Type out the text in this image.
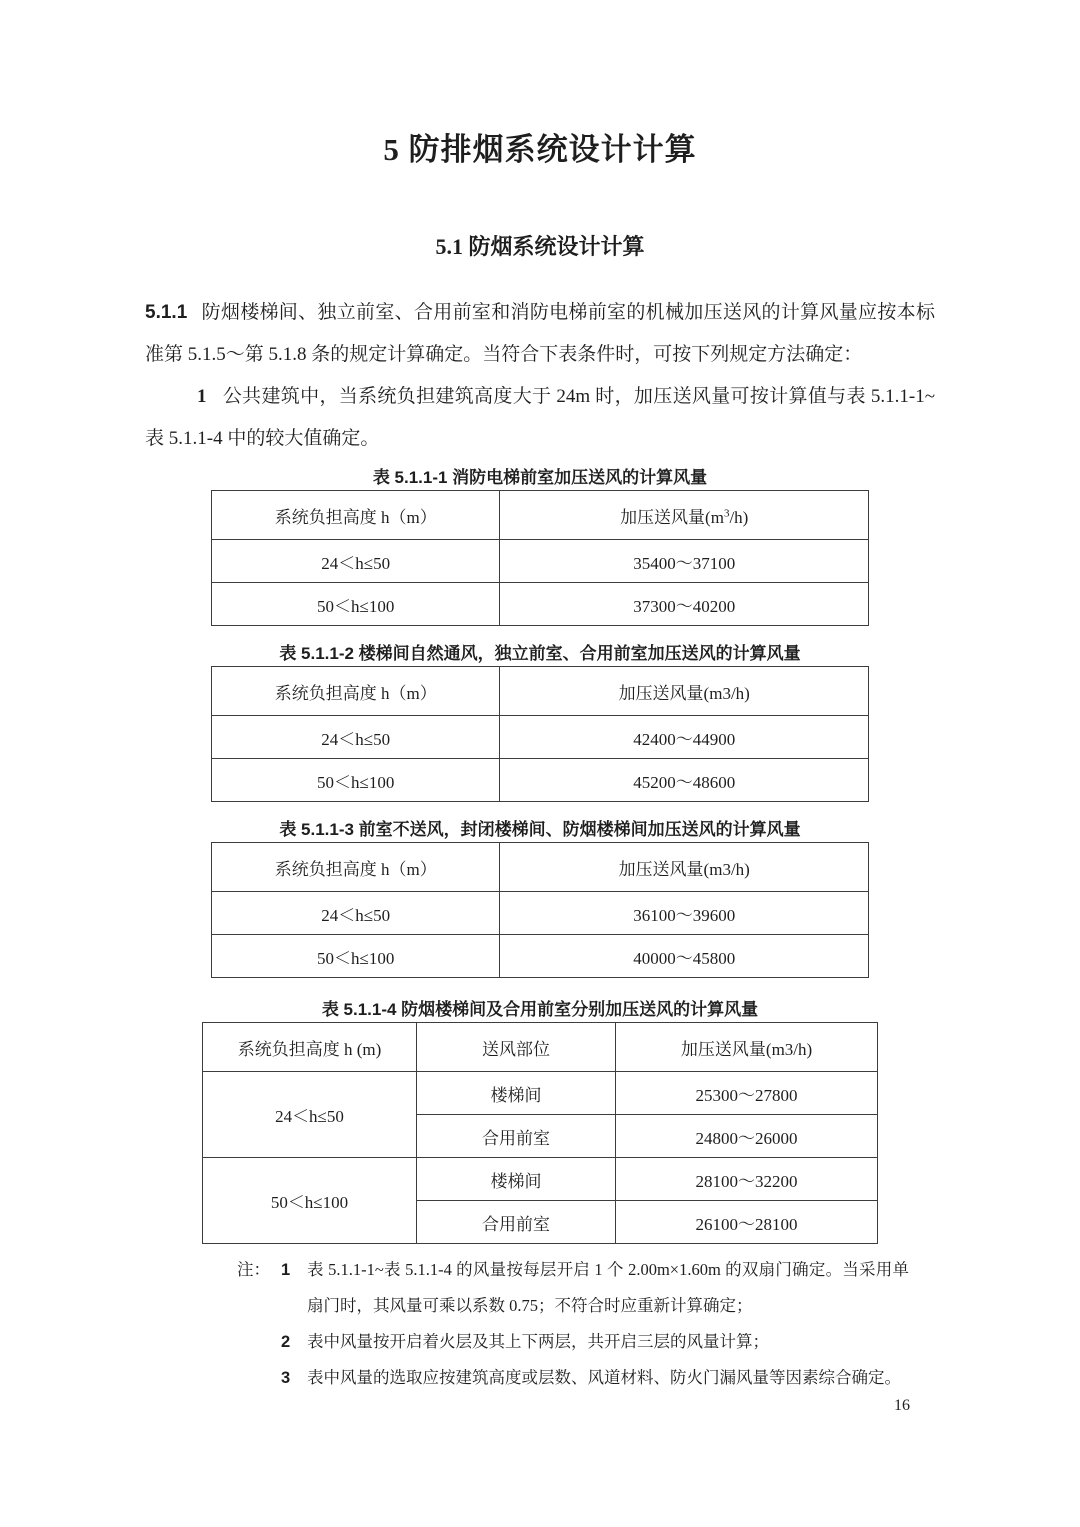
5 防排烟系统设计计算
5.1 防烟系统设计计算

5.1.1 防烟楼梯间、独立前室、合用前室和消防电梯前室的机械加压送风的计算风量应按本标准第 5.1.5～第 5.1.8 条的规定计算确定。当符合下表条件时，可按下列规定方法确定：

1 公共建筑中，当系统负担建筑高度大于 24m 时，加压送风量可按计算值与表 5.1.1-1~表 5.1.1-4 中的较大值确定。

表 5.1.1-1 消防电梯前室加压送风的计算风量

系统负担高度 h（m）	加压送风量$(m^3/h)$
24＜h≤50	35400～37100
50＜h≤100	37300～40200

表 5.1.1-2 楼梯间自然通风，独立前室、合用前室加压送风的计算风量

系统负担高度 h（m）	加压送风量(m3/h)
24＜h≤50	42400～44900
50＜h≤100	45200～48600

表 5.1.1-3 前室不送风，封闭楼梯间、防烟楼梯间加压送风的计算风量

系统负担高度 h（m）	加压送风量(m3/h)
24＜h≤50	36100～39600
50＜h≤100	40000～45800

表 5.1.1-4 防烟楼梯间及合用前室分别加压送风的计算风量

系统负担高度 h (m)	送风部位	加压送风量(m3/h)
24＜h≤50	楼梯间	25300～27800
	合用前室	24800～26000
50＜h≤100	楼梯间	28100～32200
	合用前室	26100～28100
注： 1	表 5.1.1-1~表 5.1.1-4 的风量按每层开启 1 个 2.00m×1.60m 的双扇门确定。当采用单扇门时，其风量可乘以系数 0.75；不符合时应重新计算确定；
2	表中风量按开启着火层及其上下两层，共开启三层的风量计算；
3	表中风量的选取应按建筑高度或层数、风道材料、防火门漏风量等因素综合确定。
16
